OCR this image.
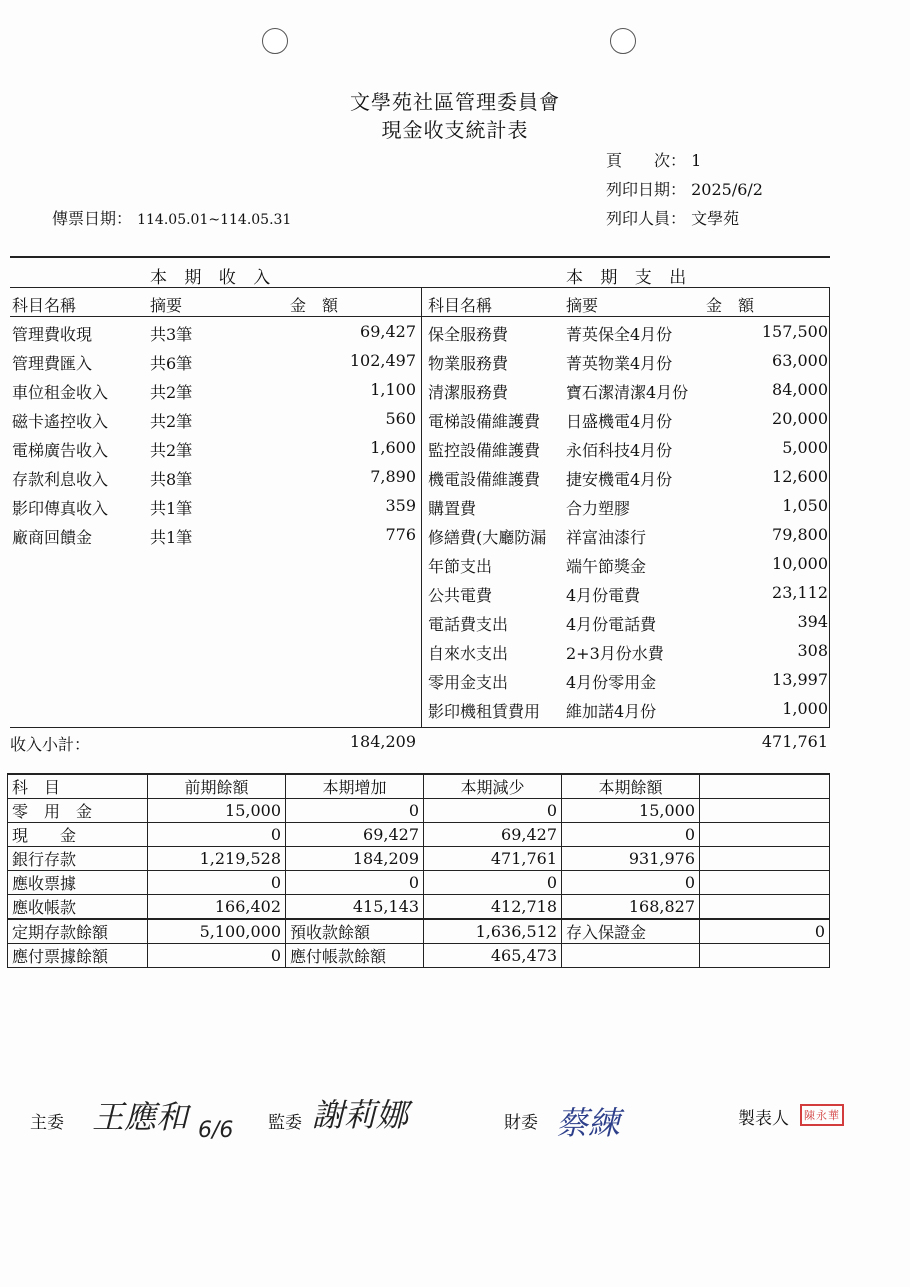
文學苑社區管理委員會
現金收支統計表
頁　　次： 1
列印日期： 2025/6/2
傳票日期： 114.05.01~114.05.31	列印人員： 文學苑
本 期 收 入	本 期 支 出
科目名稱	摘要	金　額	科目名稱	摘要	金　額
管理費收現	共3筆	69,427 保全服務費	菁英保全4月份	157,500
管理費匯入	共6筆	102,497 物業服務費	菁英物業4月份	63,000
車位租金收入	共2筆	1,100 清潔服務費	寶石潔清潔4月份	84,000
磁卡遙控收入	共2筆	560 電梯設備維護費	日盛機電4月份	20,000
電梯廣告收入	共2筆	1,600 監控設備維護費	永佰科技4月份	5,000
存款利息收入	共8筆	7,890 機電設備維護費	捷安機電4月份	12,600
影印傳真收入	共1筆	359 購置費	合力塑膠	1,050
廠商回饋金	共1筆	776 修繕費(大廳防漏	祥富油漆行	79,800
年節支出	端午節獎金	10,000
公共電費	4月份電費	23,112
電話費支出	4月份電話費	394
自來水支出	2+3月份水費	308
零用金支出	4月份零用金	13,997
影印機租賃費用	維加諾4月份	1,000
收入小計：	184,209	471,761
科　目	前期餘額	本期增加	本期減少	本期餘額	
零　用　金	15,000	0	0	15,000	
現　　金	0	69,427	69,427	0	
銀行存款	1,219,528	184,209	471,761	931,976	
應收票據	0	0	0	0	
應收帳款	166,402	415,143	412,718	168,827	
定期存款餘額	5,100,000	預收款餘額	1,636,512	存入保證金	0
應付票據餘額	0	應付帳款餘額	465,473		
主委 王應和 6/6 監委 謝莉娜	財委 蔡練	製表人	陳永華
